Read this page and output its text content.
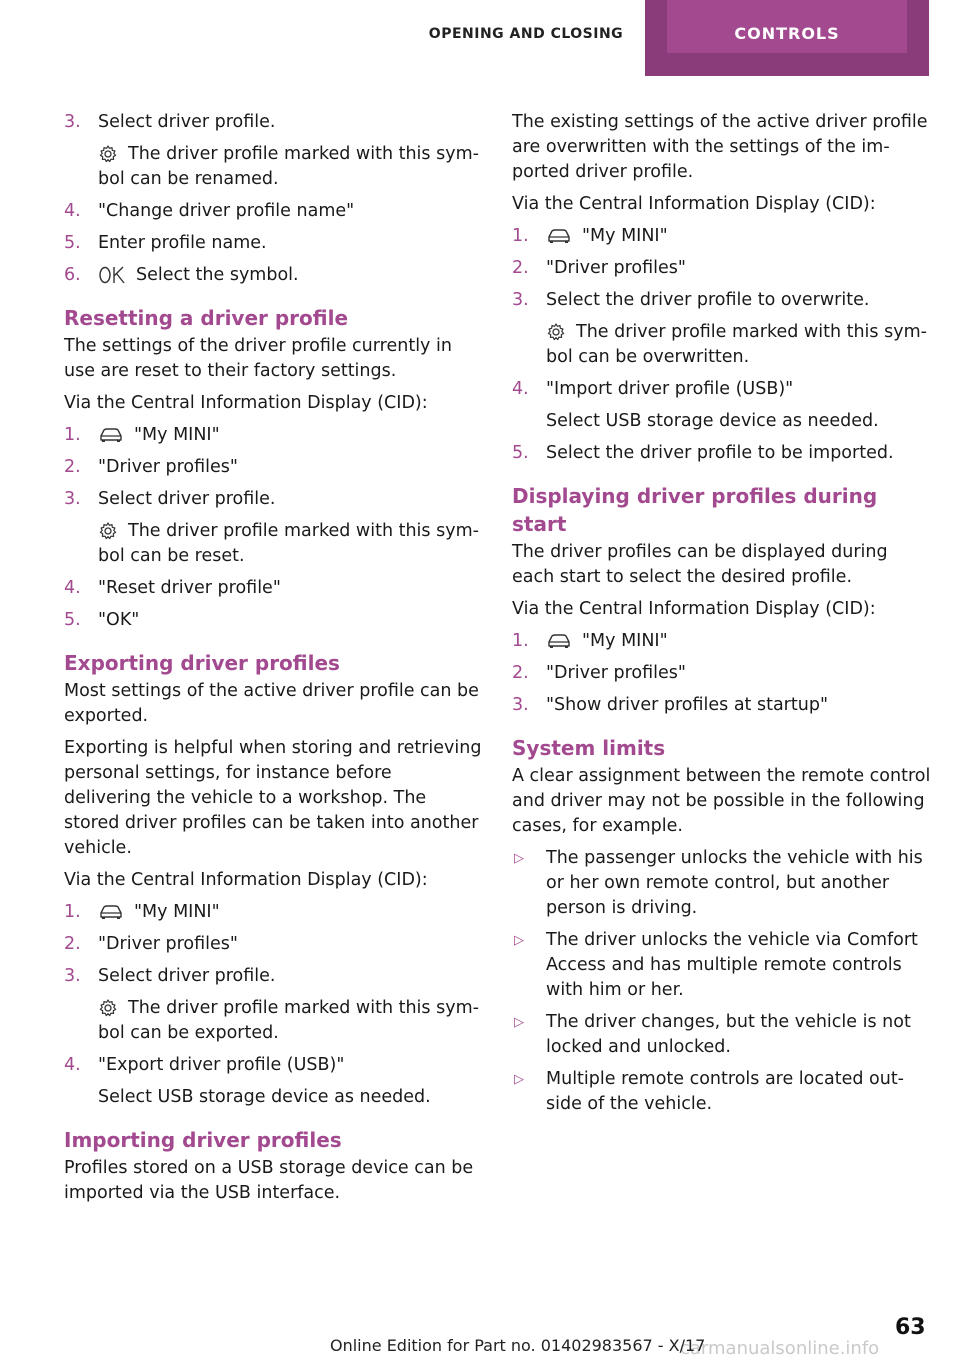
OPENING AND CLOSING	CONTROLS
3. Select driver profile.
The driver profile marked with this sym‐bol can be renamed.
4. "Change driver profile name"
5. Enter profile name.
6.	Select the symbol.
Resetting a driver profile

The settings of the driver profile currently in use are reset to their factory settings.

Via the Central Information Display (CID):

1.	"My MINI"
2. "Driver profiles"
3. Select driver profile.
The driver profile marked with this sym‐bol can be reset.
4. "Reset driver profile"
5. "OK"
Exporting driver profiles

Most settings of the active driver profile can be exported.

Exporting is helpful when storing and retrieving personal settings, for instance before delivering the vehicle to a workshop. The stored driver profiles can be taken into another vehicle.

Via the Central Information Display (CID):

1.	"My MINI"
2. "Driver profiles"
3. Select driver profile.
The driver profile marked with this sym‐bol can be exported.
4. "Export driver profile (USB)"
Select USB storage device as needed.
Importing driver profiles

Profiles stored on a USB storage device can be imported via the USB interface.

The existing settings of the active driver profile are overwritten with the settings of the im‐ported driver profile.

Via the Central Information Display (CID):

1.	"My MINI"
2. "Driver profiles"
3. Select the driver profile to overwrite.
The driver profile marked with this sym‐bol can be overwritten.
4. "Import driver profile (USB)"
Select USB storage device as needed.
5. Select the driver profile to be imported.
Displaying driver profiles during start

The driver profiles can be displayed during each start to select the desired profile.

Via the Central Information Display (CID):

1.	"My MINI"
2. "Driver profiles"
3. "Show driver profiles at startup"
System limits

A clear assignment between the remote control and driver may not be possible in the following cases, for example.

▷ The passenger unlocks the vehicle with his or her own remote control, but another person is driving.
▷ The driver unlocks the vehicle via Comfort Access and has multiple remote controls with him or her.
▷ The driver changes, but the vehicle is not locked and unlocked.
▷ Multiple remote controls are located out‐side of the vehicle.
carmanualsonline.info
Online Edition for Part no. 01402983567 - X/17
63
